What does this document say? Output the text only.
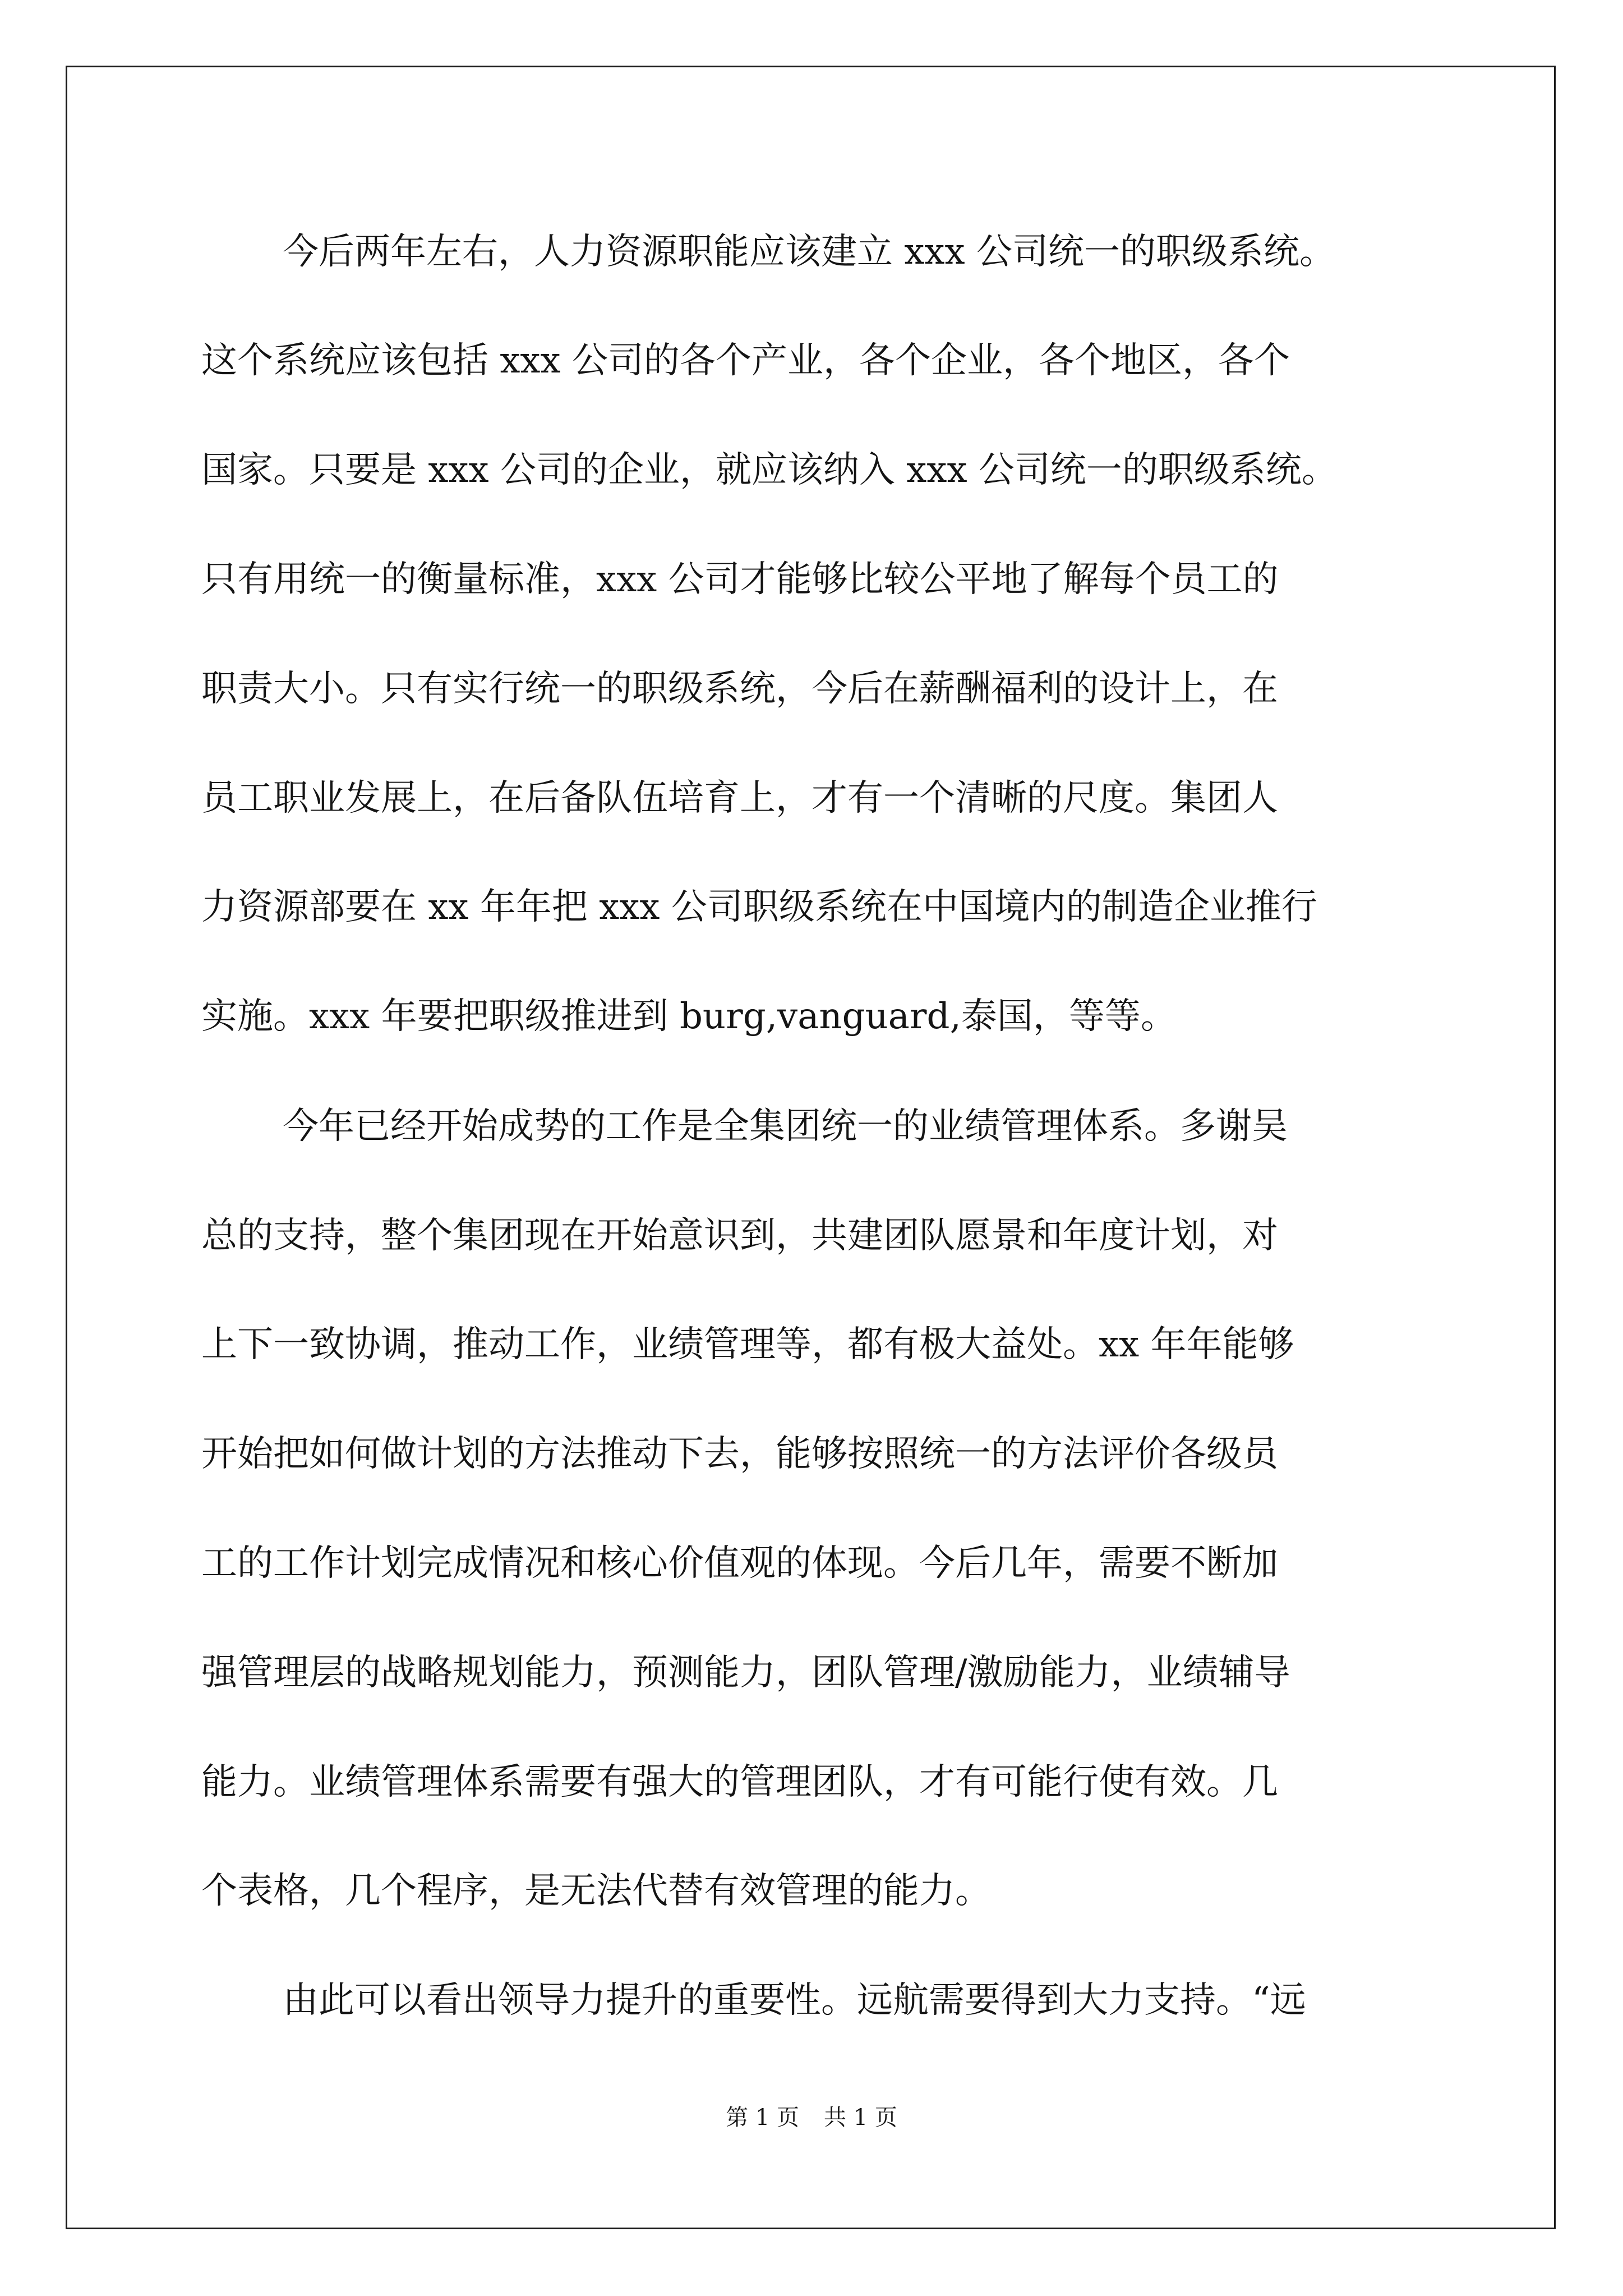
今后两年左右，人力资源职能应该建立 xxx 公司统一的职级系统。
这个系统应该包括 xxx 公司的各个产业，各个企业，各个地区，各个
国家。只要是 xxx 公司的企业，就应该纳入 xxx 公司统一的职级系统。
只有用统一的衡量标准，xxx 公司才能够比较公平地了解每个员工的
职责大小。只有实行统一的职级系统，今后在薪酬福利的设计上，在
员工职业发展上，在后备队伍培育上，才有一个清晰的尺度。集团人
力资源部要在 xx 年年把 xxx 公司职级系统在中国境内的制造企业推行
实施。xxx 年要把职级推进到 burg,vanguard,泰国，等等。
今年已经开始成势的工作是全集团统一的业绩管理体系。多谢吴
总的支持，整个集团现在开始意识到，共建团队愿景和年度计划，对
上下一致协调，推动工作，业绩管理等，都有极大益处。xx 年年能够
开始把如何做计划的方法推动下去，能够按照统一的方法评价各级员
工的工作计划完成情况和核心价值观的体现。今后几年，需要不断加
强管理层的战略规划能力，预测能力，团队管理/激励能力，业绩辅导
能力。业绩管理体系需要有强大的管理团队，才有可能行使有效。几
个表格，几个程序，是无法代替有效管理的能力。
由此可以看出领导力提升的重要性。远航需要得到大力支持。“远
第 1 页 共 1 页
